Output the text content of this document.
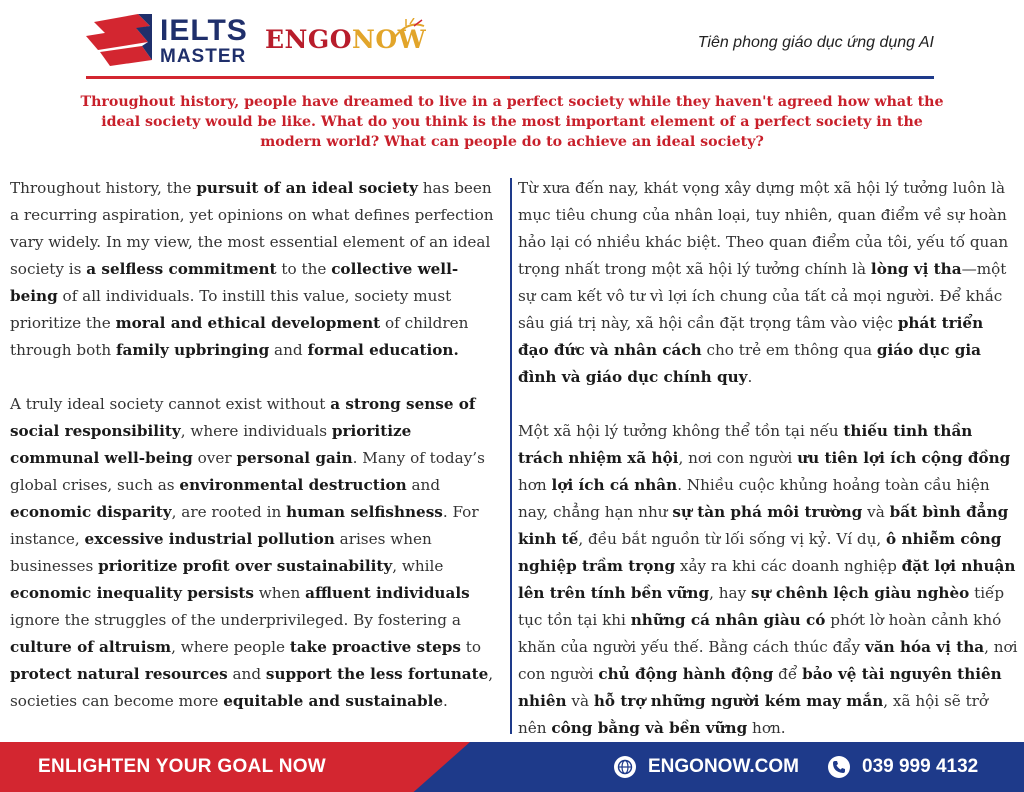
IELTS
MASTER
ENGONOW	Tiên phong giáo dục ứng dụng AI
Throughout history, people have dreamed to live in a perfect society while they haven't agreed how what the ideal society would be like. What do you think is the most important element of a perfect society in the modern world? What can people do to achieve an ideal society?

Throughout history, the pursuit of an ideal society has been a recurring aspiration, yet opinions on what defines perfection vary widely. In my view, the most essential element of an ideal society is a selfless commitment to the collective well-being of all individuals. To instill this value, society must prioritize the moral and ethical development of children through both family upbringing and formal education.

A truly ideal society cannot exist without a strong sense of social responsibility, where individuals prioritize communal well-being over personal gain. Many of today’s global crises, such as environmental destruction and economic disparity, are rooted in human selfishness. For instance, excessive industrial pollution arises when businesses prioritize profit over sustainability, while economic inequality persists when affluent individuals ignore the struggles of the underprivileged. By fostering a culture of altruism, where people take proactive steps to protect natural resources and support the less fortunate, societies can become more equitable and sustainable.

Từ xưa đến nay, khát vọng xây dựng một xã hội lý tưởng luôn là mục tiêu chung của nhân loại, tuy nhiên, quan điểm về sự hoàn hảo lại có nhiều khác biệt. Theo quan điểm của tôi, yếu tố quan trọng nhất trong một xã hội lý tưởng chính là lòng vị tha—một sự cam kết vô tư vì lợi ích chung của tất cả mọi người. Để khắc sâu giá trị này, xã hội cần đặt trọng tâm vào việc phát triển đạo đức và nhân cách cho trẻ em thông qua giáo dục gia đình và giáo dục chính quy.

Một xã hội lý tưởng không thể tồn tại nếu thiếu tinh thần trách nhiệm xã hội, nơi con người ưu tiên lợi ích cộng đồng hơn lợi ích cá nhân. Nhiều cuộc khủng hoảng toàn cầu hiện nay, chẳng hạn như sự tàn phá môi trường và bất bình đẳng kinh tế, đều bắt nguồn từ lối sống vị kỷ. Ví dụ, ô nhiễm công nghiệp trầm trọng xảy ra khi các doanh nghiệp đặt lợi nhuận lên trên tính bền vững, hay sự chênh lệch giàu nghèo tiếp tục tồn tại khi những cá nhân giàu có phớt lờ hoàn cảnh khó khăn của người yếu thế. Bằng cách thúc đẩy văn hóa vị tha, nơi con người chủ động hành động để bảo vệ tài nguyên thiên nhiên và hỗ trợ những người kém may mắn, xã hội sẽ trở nên công bằng và bền vững hơn.

ENLIGHTEN YOUR GOAL NOW	ENGONOW.COM	039 999 4132
